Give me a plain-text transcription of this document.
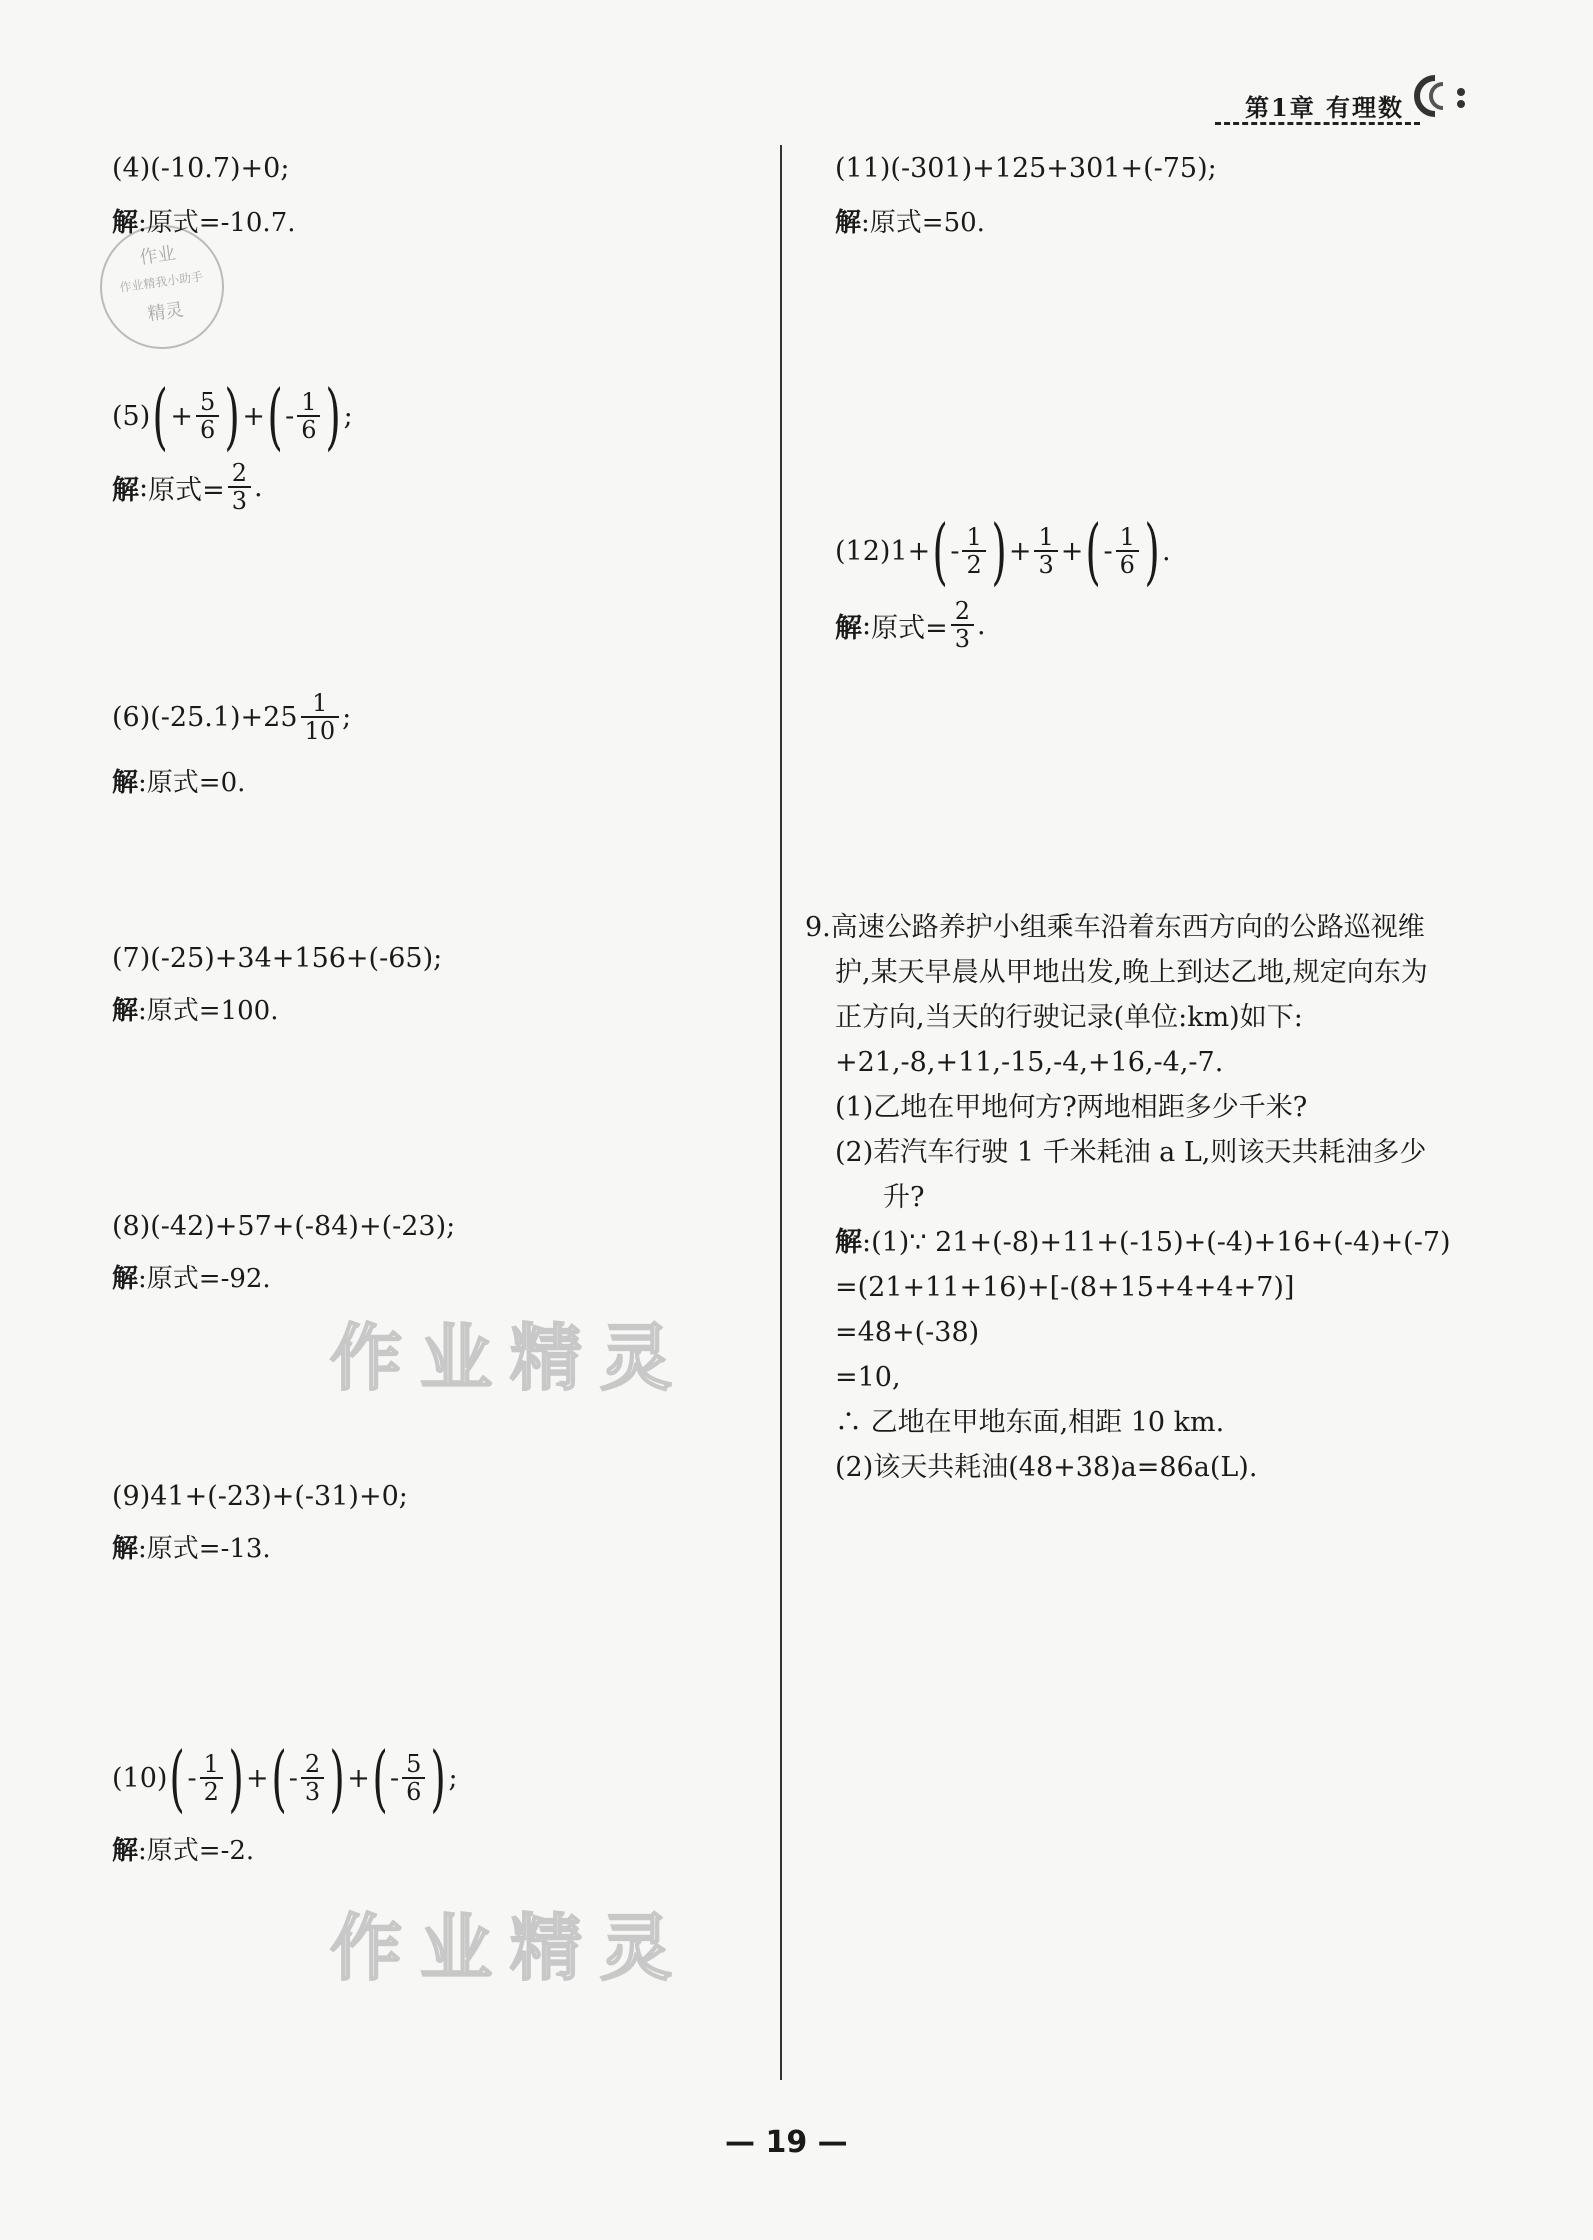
第1章 有理数
作业
作业精我小助手
精灵
作业精灵
作业精灵
(4)(-10.7)+0;
解:原式=-10.7.
(5) ( + $\frac{5}{6}$ ) + ( - $\frac{1}{6}$ ) ;
解 : 原式= $\frac{2}{3}$ .
$(6)(-25.1)+25 \frac{1}{10}$ ;
解:原式=0.
(7)(-25)+34+156+(-65);
解:原式=100.
(8)(-42)+57+(-84)+(-23);
解:原式=-92.
(9)41+(-23)+(-31)+0;
解:原式=-13.
(10) ( - $\frac{1}{2}$ ) + ( - $\frac{2}{3}$ ) + ( - $\frac{5}{6}$ ) ;
解:原式=-2.
(11)(-301)+125+301+(-75);
解:原式=50.
(12)1+ ( - $\frac{1}{2}$ ) + $\frac{1}{3}$ + ( - $\frac{1}{6}$ ) .
解 : 原式= $\frac{2}{3}$ .
9.高速公路养护小组乘车沿着东西方向的公路巡视维
护,某天早晨从甲地出发,晚上到达乙地,规定向东为
正方向,当天的行驶记录(单位:km)如下:
+21,-8,+11,-15,-4,+16,-4,-7.
(1)乙地在甲地何方?两地相距多少千米?
(2)若汽车行驶 1 千米耗油 a L,则该天共耗油多少
升?
解:(1)∵ 21+(-8)+11+(-15)+(-4)+16+(-4)+(-7)
=(21+11+16)+[-(8+15+4+4+7)]
=48+(-38)
=10,
∴ 乙地在甲地东面,相距 10 km.
(2)该天共耗油(48+38)a=86a(L).
— 19 —
